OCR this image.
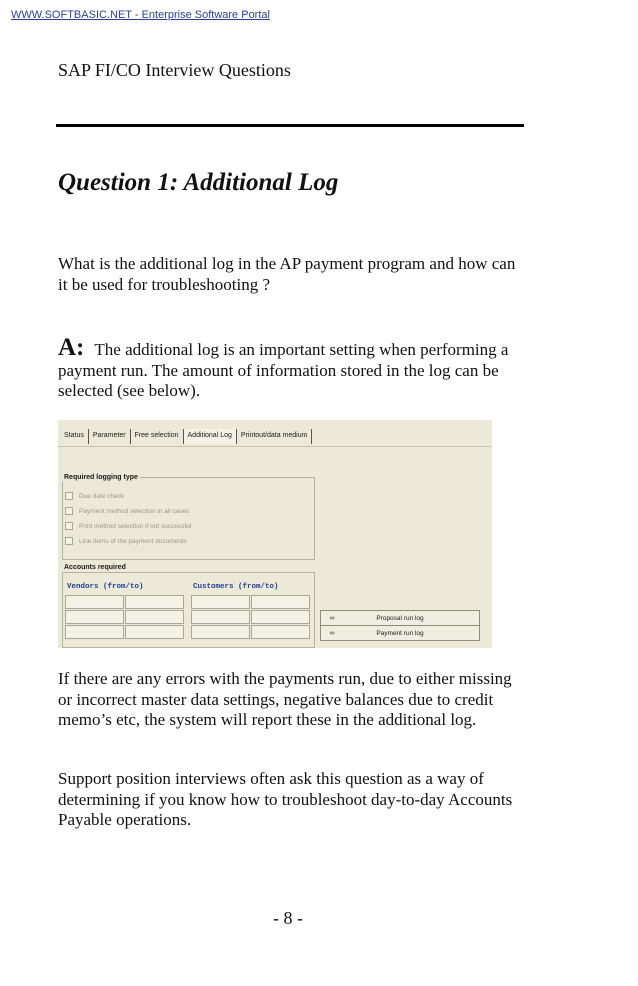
WWW.SOFTBASIC.NET - Enterprise Software Portal
SAP FI/CO Interview Questions
Question 1: Additional Log
What is the additional log in the AP payment program and how can it be used for troubleshooting ?
A: The additional log is an important setting when performing a payment run. The amount of information stored in the log can be selected (see below).
Status	Parameter	Free selection	Additional Log	Printout/data medium
Required logging type
Due date check
Payment method selection in all cases
Print method selection if not successful
Line items of the payment documents
Accounts required
Vendors (from/to)	Customers (from/to)
∞	Proposal run log
∞	Payment run log
If there are any errors with the payments run, due to either missing or incorrect master data settings, negative balances due to credit memo’s etc, the system will report these in the additional log.
Support position interviews often ask this question as a way of determining if you know how to troubleshoot day-to-day Accounts Payable operations.
- 8 -
